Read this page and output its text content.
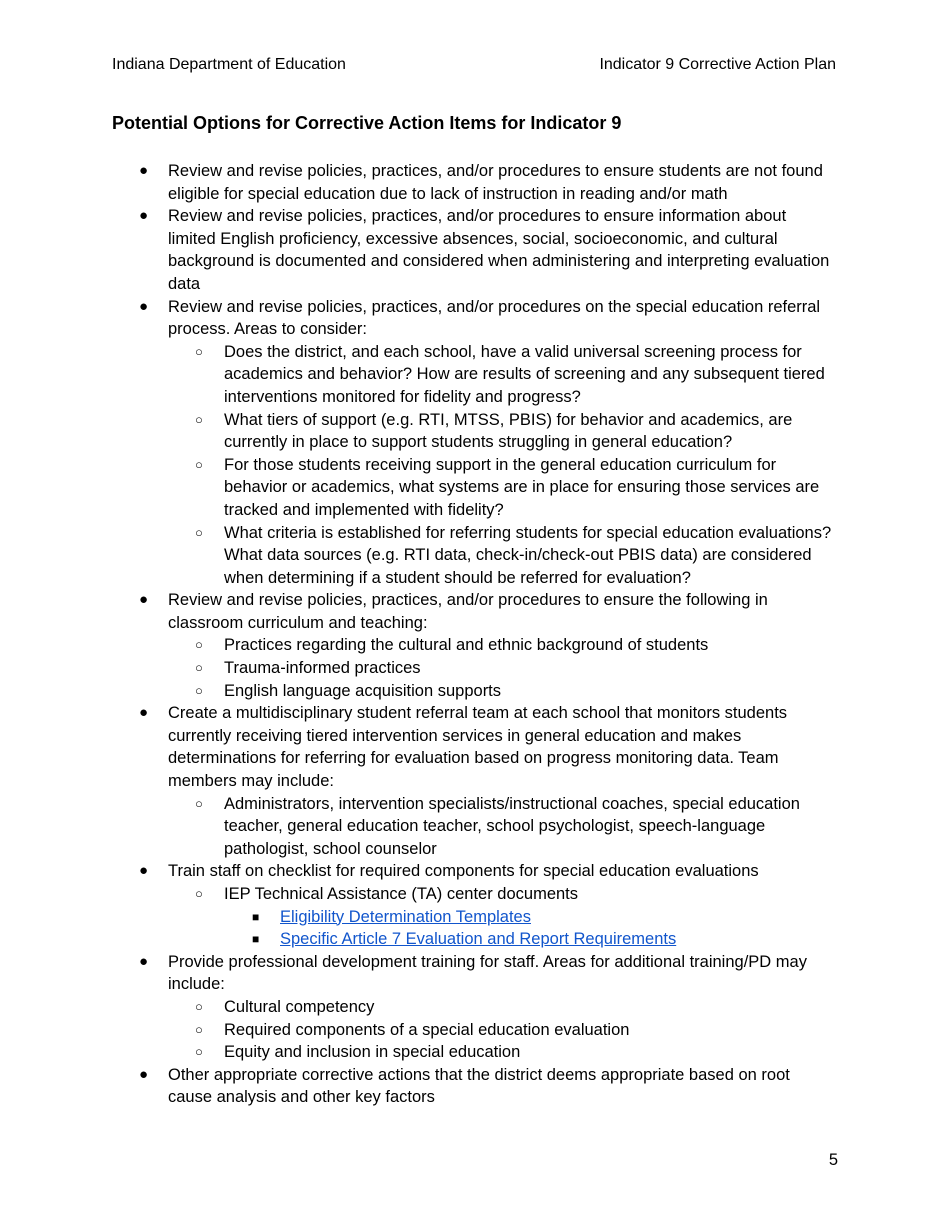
Indiana Department of Education	Indicator 9 Corrective Action Plan
Potential Options for Corrective Action Items for Indicator 9
● Review and revise policies, practices, and/or procedures to ensure students are not found eligible for special education due to lack of instruction in reading and/or math
● Review and revise policies, practices, and/or procedures to ensure information about limited English proficiency, excessive absences, social, socioeconomic, and cultural background is documented and considered when administering and interpreting evaluation data
● Review and revise policies, practices, and/or procedures on the special education referral process. Areas to consider:
○ Does the district, and each school, have a valid universal screening process for academics and behavior? How are results of screening and any subsequent tiered interventions monitored for fidelity and progress?
○ What tiers of support (e.g. RTI, MTSS, PBIS) for behavior and academics, are currently in place to support students struggling in general education?
○ For those students receiving support in the general education curriculum for behavior or academics, what systems are in place for ensuring those services are tracked and implemented with fidelity?
○ What criteria is established for referring students for special education evaluations? What data sources (e.g. RTI data, check-in/check-out PBIS data) are considered when determining if a student should be referred for evaluation?
● Review and revise policies, practices, and/or procedures to ensure the following in classroom curriculum and teaching:
○ Practices regarding the cultural and ethnic background of students
○ Trauma-informed practices
○ English language acquisition supports
● Create a multidisciplinary student referral team at each school that monitors students currently receiving tiered intervention services in general education and makes determinations for referring for evaluation based on progress monitoring data. Team members may include:
○ Administrators, intervention specialists/instructional coaches, special education teacher, general education teacher, school psychologist, speech-language pathologist, school counselor
● Train staff on checklist for required components for special education evaluations
○ IEP Technical Assistance (TA) center documents
■ Eligibility Determination Templates
■ Specific Article 7 Evaluation and Report Requirements
● Provide professional development training for staff. Areas for additional training/PD may include:
○ Cultural competency
○ Required components of a special education evaluation
○ Equity and inclusion in special education
● Other appropriate corrective actions that the district deems appropriate based on root cause analysis and other key factors
5
